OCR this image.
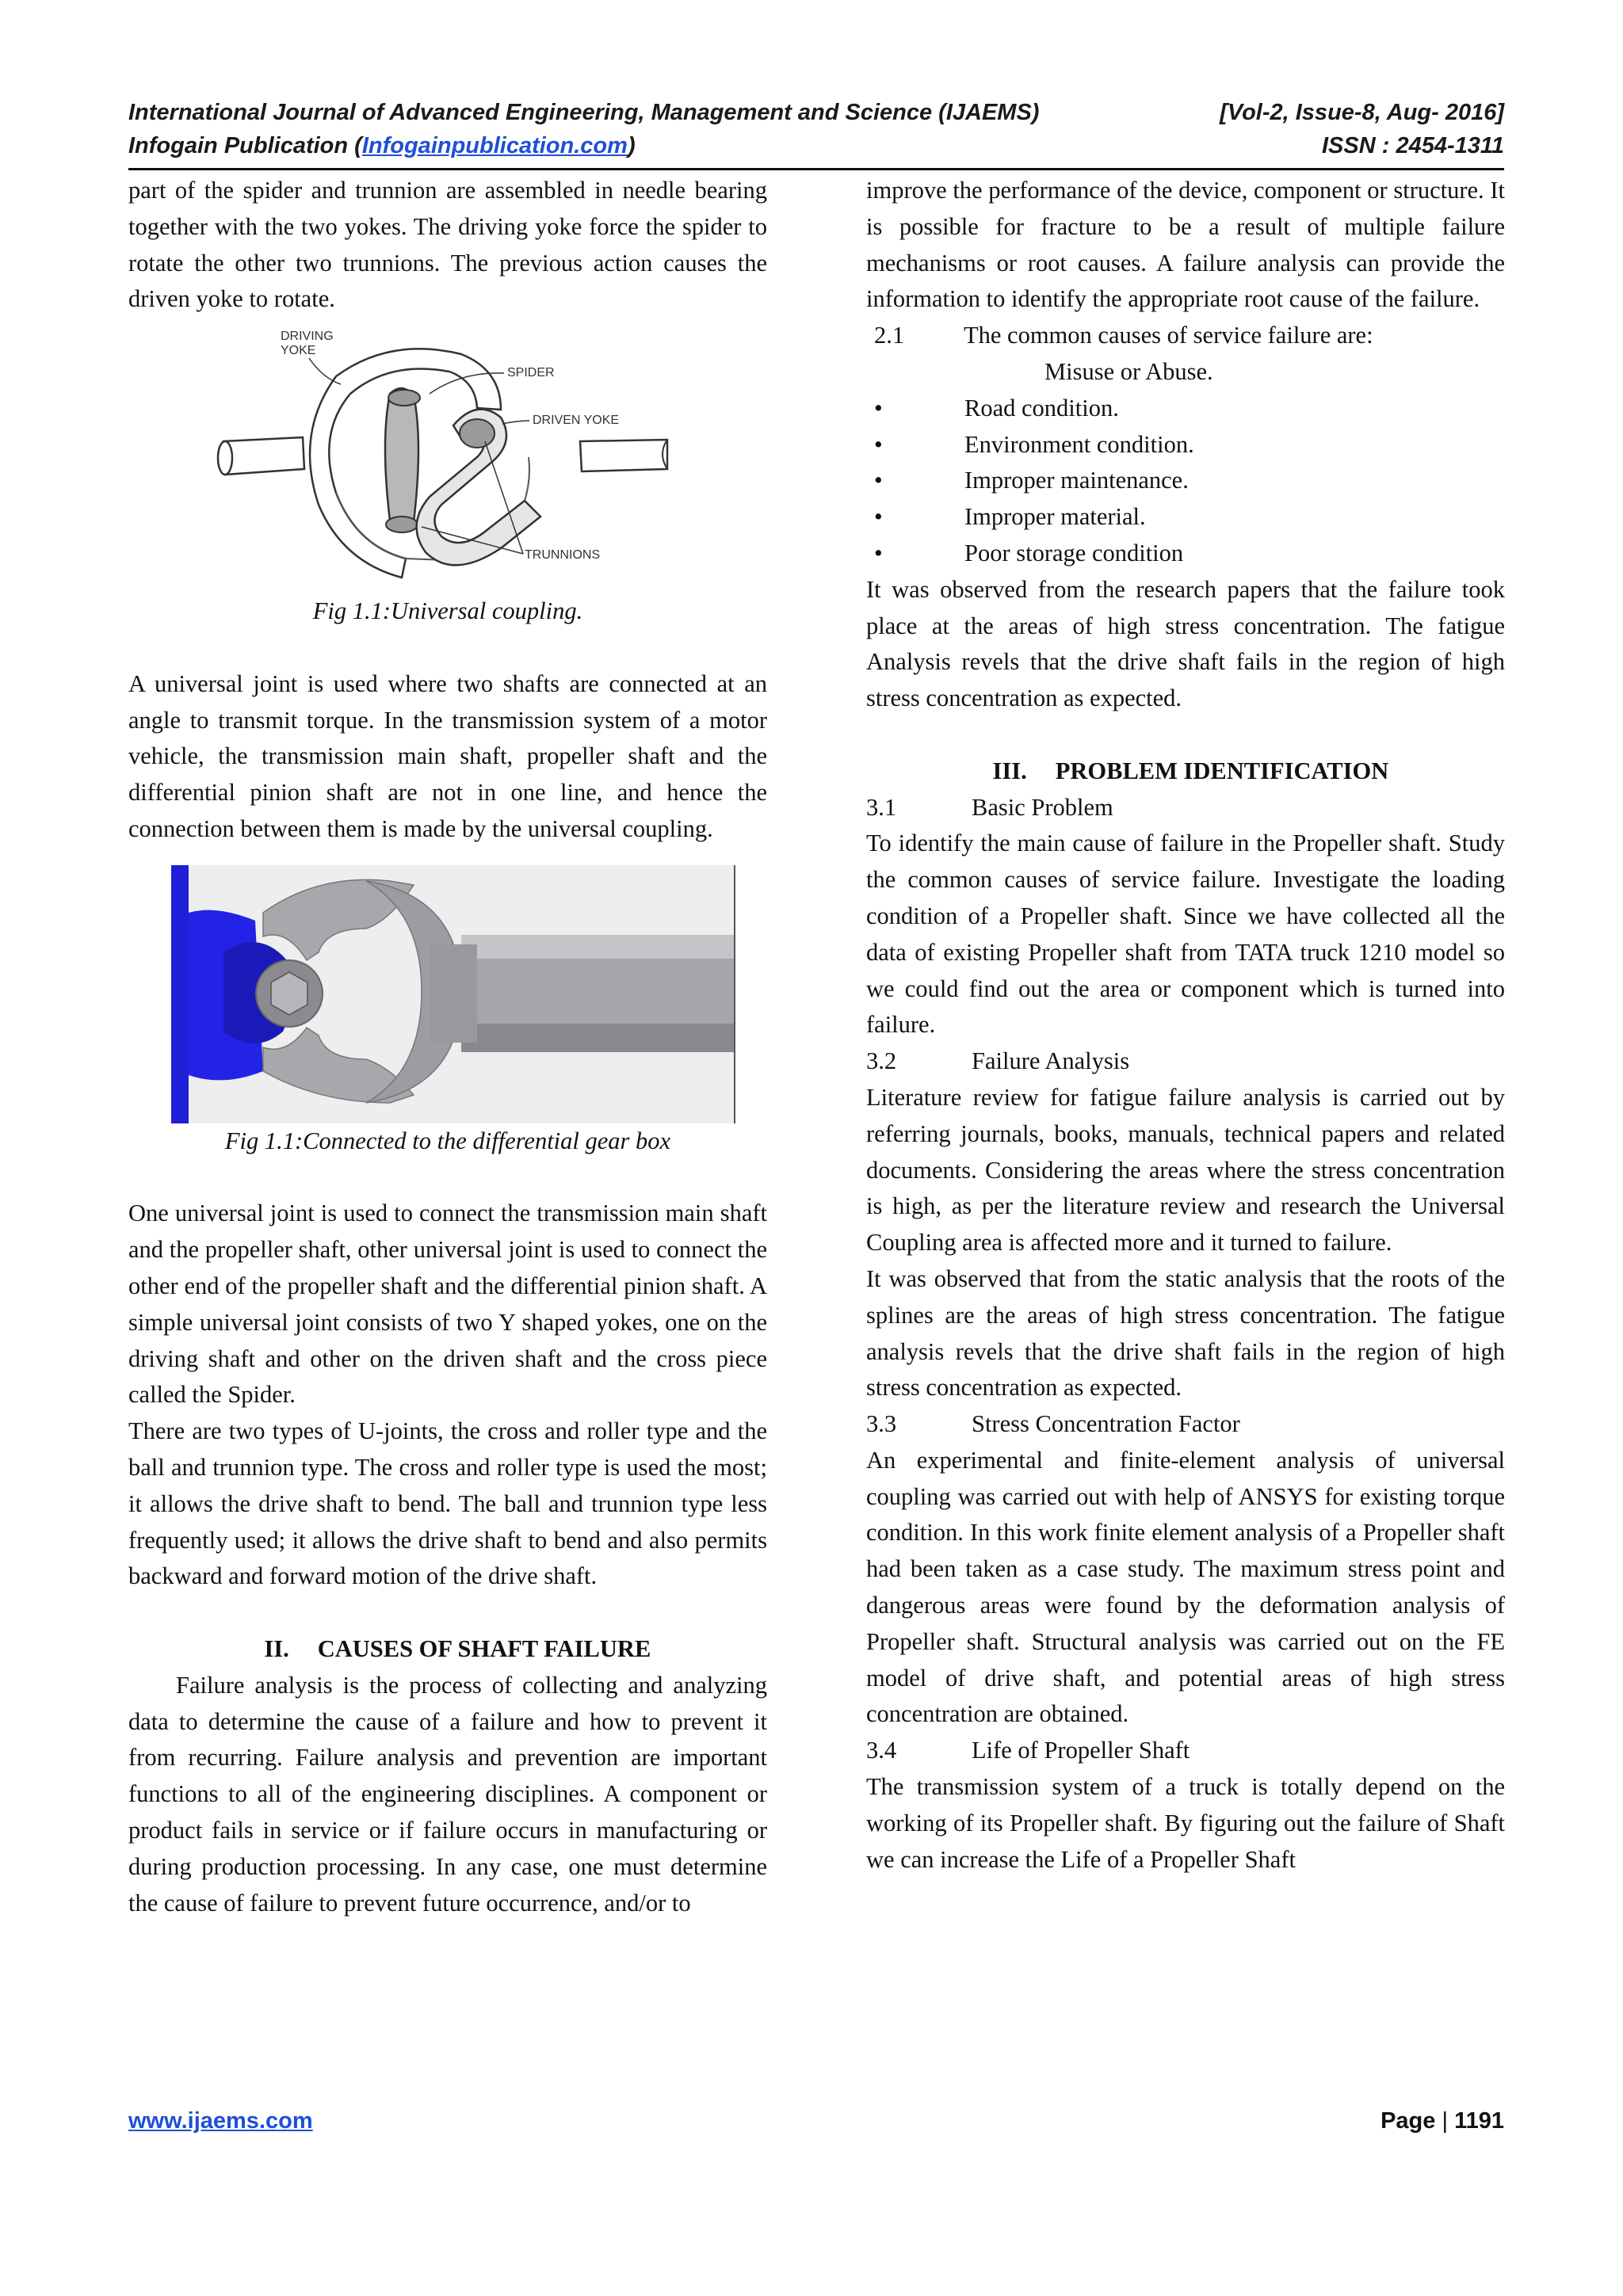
International Journal of Advanced Engineering, Management and Science (IJAEMS)	[Vol-2, Issue-8, Aug- 2016]
Infogain Publication (Infogainpublication.com)	ISSN : 2454-1311

part of the spider and trunnion are assembled in needle bearing together with the two yokes. The driving yoke force the spider to rotate the other two trunnions. The previous action causes the driven yoke to rotate.

DRIVING
YOKE
SPIDER
DRIVEN YOKE
TRUNNIONS

Fig 1.1:Universal coupling.

A universal joint is used where two shafts are connected at an angle to transmit torque. In the transmission system of a motor vehicle, the transmission main shaft, propeller shaft and the differential pinion shaft are not in one line, and hence the connection between them is made by the universal coupling.

Fig 1.1:Connected to the differential gear box

One universal joint is used to connect the transmission main shaft and the propeller shaft, other universal joint is used to connect the other end of the propeller shaft and the differential pinion shaft. A simple universal joint consists of two Y shaped yokes, one on the driving shaft and other on the driven shaft and the cross piece called the Spider.

There are two types of U-joints, the cross and roller type and the ball and trunnion type. The cross and roller type is used the most; it allows the drive shaft to bend. The ball and trunnion type less frequently used; it allows the drive shaft to bend and also permits backward and forward motion of the drive shaft.

II. CAUSES OF SHAFT FAILURE

Failure analysis is the process of collecting and analyzing data to determine the cause of a failure and how to prevent it from recurring. Failure analysis and prevention are important functions to all of the engineering disciplines. A component or product fails in service or if failure occurs in manufacturing or during production processing. In any case, one must determine the cause of failure to prevent future occurrence, and/or to

improve the performance of the device, component or structure. It is possible for fracture to be a result of multiple failure mechanisms or root causes. A failure analysis can provide the information to identify the appropriate root cause of the failure.

2.1 The common causes of service failure are:

Misuse or Abuse.

•	Road condition.

•	Environment condition.

•	Improper maintenance.

•	Improper material.

•	Poor storage condition

It was observed from the research papers that the failure took place at the areas of high stress concentration. The fatigue Analysis revels that the drive shaft fails in the region of high stress concentration as expected.

III. PROBLEM IDENTIFICATION

3.1	Basic Problem

To identify the main cause of failure in the Propeller shaft. Study the common causes of service failure. Investigate the loading condition of a Propeller shaft. Since we have collected all the data of existing Propeller shaft from TATA truck 1210 model so we could find out the area or component which is turned into failure.

3.2	Failure Analysis

Literature review for fatigue failure analysis is carried out by referring journals, books, manuals, technical papers and related documents. Considering the areas where the stress concentration is high, as per the literature review and research the Universal Coupling area is affected more and it turned to failure.

It was observed that from the static analysis that the roots of the splines are the areas of high stress concentration. The fatigue analysis revels that the drive shaft fails in the region of high stress concentration as expected.

3.3	Stress Concentration Factor

An experimental and finite-element analysis of universal coupling was carried out with help of ANSYS for existing torque condition. In this work finite element analysis of a Propeller shaft had been taken as a case study. The maximum stress point and dangerous areas were found by the deformation analysis of Propeller shaft. Structural analysis was carried out on the FE model of drive shaft, and potential areas of high stress concentration are obtained.

3.4	Life of Propeller Shaft

The transmission system of a truck is totally depend on the working of its Propeller shaft. By figuring out the failure of Shaft we can increase the Life of a Propeller Shaft

www.ijaems.com	Page | 1191
